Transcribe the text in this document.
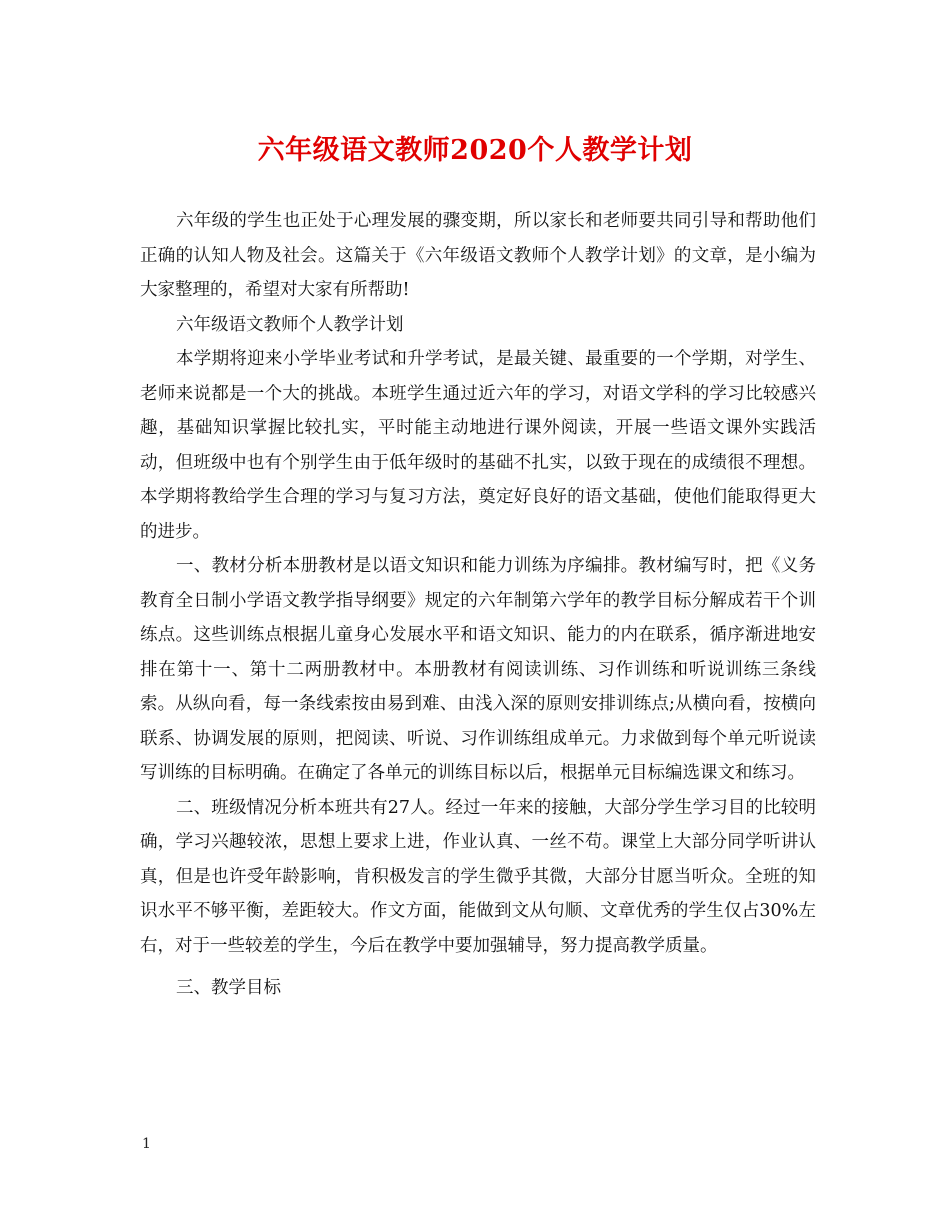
六年级语文教师2020个人教学计划

六年级的学生也正处于心理发展的骤变期，所以家长和老师要共同引导和帮助他们正确的认知人物及社会。这篇关于《六年级语文教师个人教学计划》的文章，是小编为大家整理的，希望对大家有所帮助!

六年级语文教师个人教学计划

本学期将迎来小学毕业考试和升学考试，是最关键、最重要的一个学期，对学生、老师来说都是一个大的挑战。本班学生通过近六年的学习，对语文学科的学习比较感兴趣，基础知识掌握比较扎实，平时能主动地进行课外阅读，开展一些语文课外实践活动，但班级中也有个别学生由于低年级时的基础不扎实，以致于现在的成绩很不理想。本学期将教给学生合理的学习与复习方法，奠定好良好的语文基础，使他们能取得更大的进步。

一、教材分析本册教材是以语文知识和能力训练为序编排。教材编写时，把《义务教育全日制小学语文教学指导纲要》规定的六年制第六学年的教学目标分解成若干个训练点。这些训练点根据儿童身心发展水平和语文知识、能力的内在联系，循序渐进地安排在第十一、第十二两册教材中。本册教材有阅读训练、习作训练和听说训练三条线索。从纵向看，每一条线索按由易到难、由浅入深的原则安排训练点;从横向看，按横向联系、协调发展的原则，把阅读、听说、习作训练组成单元。力求做到每个单元听说读写训练的目标明确。在确定了各单元的训练目标以后，根据单元目标编选课文和练习。

二、班级情况分析本班共有27人。经过一年来的接触，大部分学生学习目的比较明确，学习兴趣较浓，思想上要求上进，作业认真、一丝不苟。课堂上大部分同学听讲认真，但是也许受年龄影响，肯积极发言的学生微乎其微，大部分甘愿当听众。全班的知识水平不够平衡，差距较大。作文方面，能做到文从句顺、文章优秀的学生仅占30%左右，对于一些较差的学生，今后在教学中要加强辅导，努力提高教学质量。

三、教学目标

1
